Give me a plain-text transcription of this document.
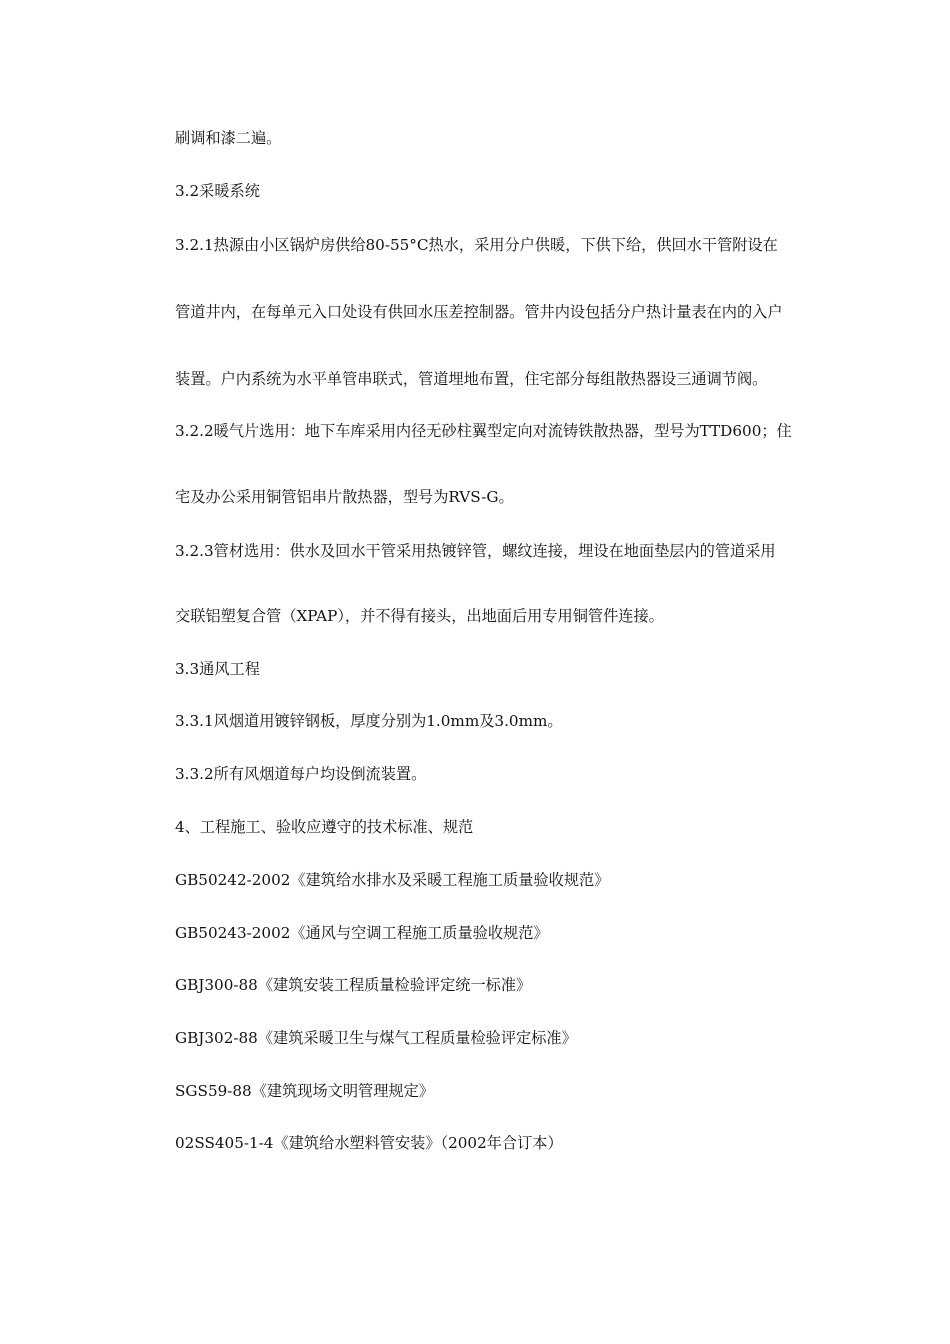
刷调和漆二遍。
3.2采暖系统
3.2.1热源由小区锅炉房供给80-55°C热水，采用分户供暖，下供下给，供回水干管附设在
管道井内，在每单元入口处设有供回水压差控制器。管井内设包括分户热计量表在内的入户
装置。户内系统为水平单管串联式，管道埋地布置，住宅部分每组散热器设三通调节阀。
3.2.2暖气片选用：地下车库采用内径无砂柱翼型定向对流铸铁散热器，型号为TTD600；住
宅及办公采用铜管铝串片散热器，型号为RVS-G。
3.2.3管材选用：供水及回水干管采用热镀锌管，螺纹连接，埋设在地面垫层内的管道采用
交联铝塑复合管（XPAP），并不得有接头，出地面后用专用铜管件连接。
3.3通风工程
3.3.1风烟道用镀锌钢板，厚度分别为1.0mm及3.0mm。
3.3.2所有风烟道每户均设倒流装置。
4、工程施工、验收应遵守的技术标准、规范
GB50242-2002《建筑给水排水及采暖工程施工质量验收规范》
GB50243-2002《通风与空调工程施工质量验收规范》
GBJ300-88《建筑安装工程质量检验评定统一标准》
GBJ302-88《建筑采暖卫生与煤气工程质量检验评定标准》
SGS59-88《建筑现场文明管理规定》
02SS405-1-4《建筑给水塑料管安装》（2002年合订本）
